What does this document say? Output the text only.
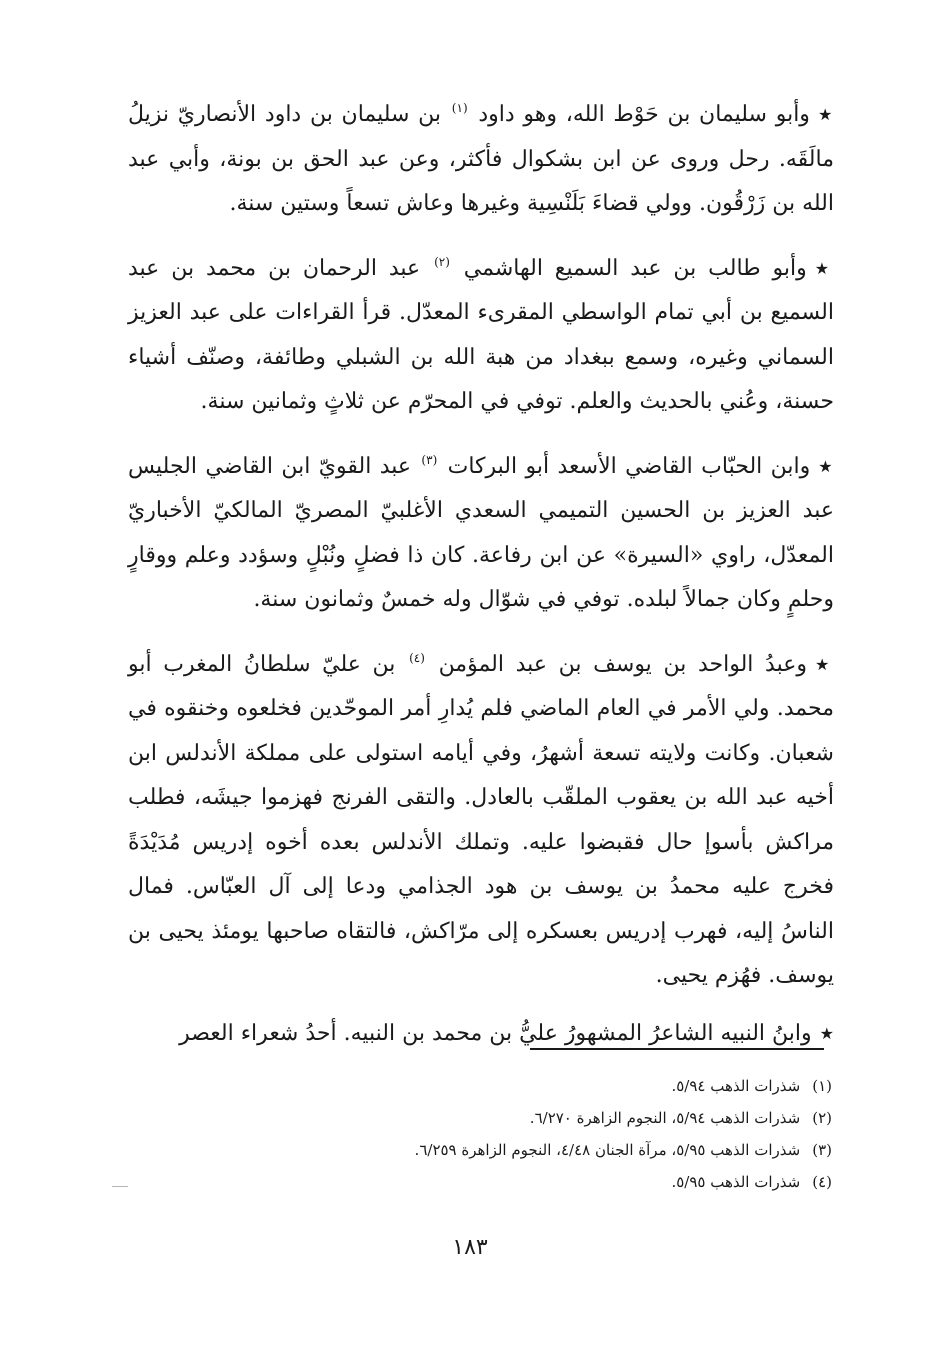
★وأبو سليمان بن حَوْط الله، وهو داود $^{(١)}$ بن سليمان بن داود الأنصاريّ نزيلُ مالَقَه. رحل وروى عن ابن بشكوال فأكثر، وعن عبد الحق بن بونة، وأبي عبد الله بن زَرْقُون. وولي قضاءَ بَلَنْسِية وغيرها وعاش تسعاً وستين سنة.

★وأبو طالب بن عبد السميع الهاشمي $^{(٢)}$ عبد الرحمان بن محمد بن عبد السميع بن أبي تمام الواسطي المقرىء المعدّل. قرأ القراءات على عبد العزيز السماني وغيره، وسمع ببغداد من هبة الله بن الشبلي وطائفة، وصنّف أشياء حسنة، وعُني بالحديث والعلم. توفي في المحرّم عن ثلاثٍ وثمانين سنة.

★وابن الحبّاب القاضي الأسعد أبو البركات $^{(٣)}$ عبد القويّ ابن القاضي الجليس عبد العزيز بن الحسين التميمي السعدي الأغلبيّ المصريّ المالكيّ الأخباريّ المعدّل، راوي «السيرة» عن ابن رفاعة. كان ذا فضلٍ ونُبْلٍ وسؤدد وعلم ووقارٍ وحلمٍ وكان جمالاً لبلده. توفي في شوّال وله خمسٌ وثمانون سنة.

★وعبدُ الواحد بن يوسف بن عبد المؤمن $^{(٤)}$ بن عليّ سلطانُ المغرب أبو محمد. ولي الأمر في العام الماضي فلم يُدارِ أمر الموحّدين فخلعوه وخنقوه في شعبان. وكانت ولايته تسعة أشهرُ، وفي أيامه استولى على مملكة الأندلس ابن أخيه عبد الله بن يعقوب الملقّب بالعادل. والتقى الفرنج فهزموا جيشَه، فطلب مراكش بأسوإ حال فقبضوا عليه. وتملك الأندلس بعده أخوه إدريس مُدَيْدَةً فخرج عليه محمدُ بن يوسف بن هود الجذامي ودعا إلى آل العبّاس. فمال الناسُ إليه، فهرب إدريس بعسكره إلى مرّاكش، فالتقاه صاحبها يومئذ يحيى بن يوسف. فهُزم يحيى.

★وابنُ النبيه الشاعرُ المشهورُ عليُّ بن محمد بن النبيه. أحدُ شعراء العصر

(١)شذرات الذهب ٥/٩٤.
(٢)شذرات الذهب ٥/٩٤، النجوم الزاهرة ٦/٢٧٠.
(٣)شذرات الذهب ٥/٩٥، مرآة الجنان ٤/٤٨، النجوم الزاهرة ٦/٢٥٩.
(٤)شذرات الذهب ٥/٩٥.
١٨٣
